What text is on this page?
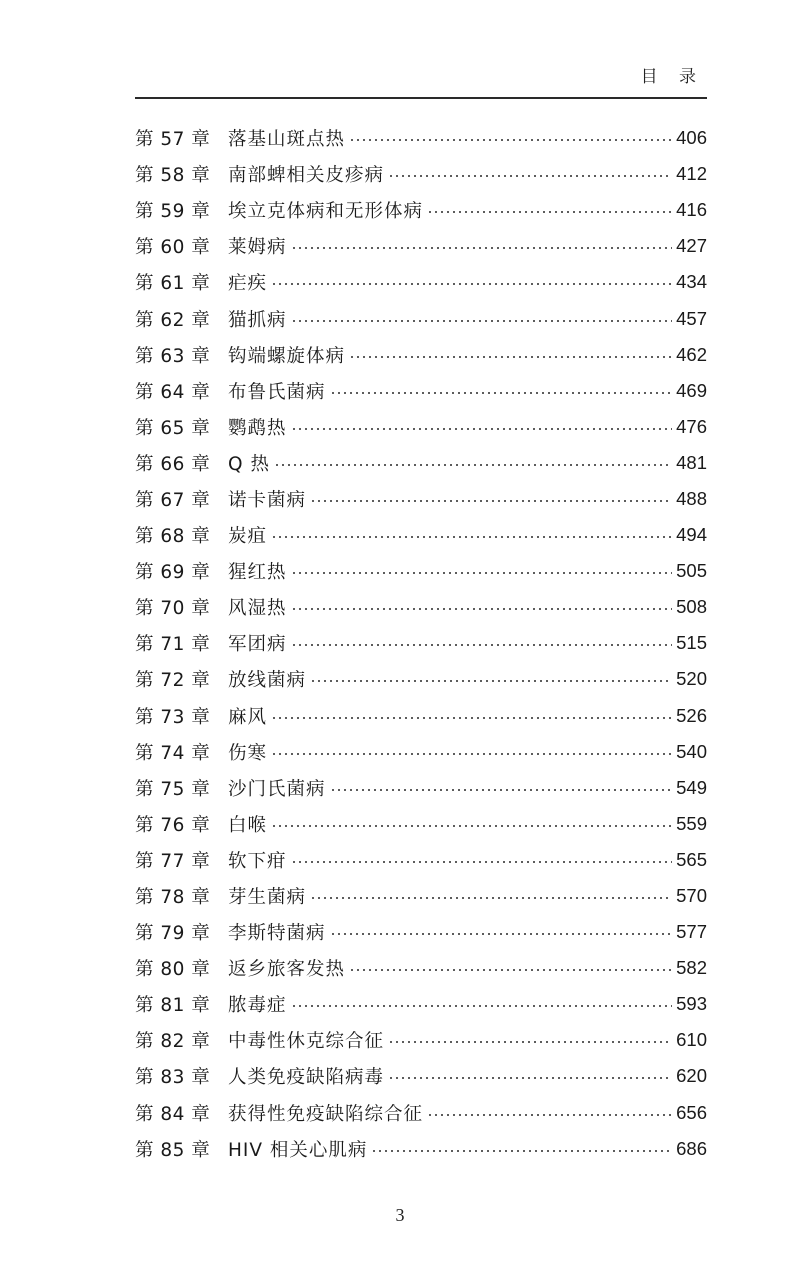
目 录
第 57 章 落基山斑点热	406
第 58 章 南部蜱相关皮疹病	412
第 59 章 埃立克体病和无形体病	416
第 60 章 莱姆病	427
第 61 章 疟疾	434
第 62 章 猫抓病	457
第 63 章 钩端螺旋体病	462
第 64 章 布鲁氏菌病	469
第 65 章 鹦鹉热	476
第 66 章 Q 热	481
第 67 章 诺卡菌病	488
第 68 章 炭疽	494
第 69 章 猩红热	505
第 70 章 风湿热	508
第 71 章 军团病	515
第 72 章 放线菌病	520
第 73 章 麻风	526
第 74 章 伤寒	540
第 75 章 沙门氏菌病	549
第 76 章 白喉	559
第 77 章 软下疳	565
第 78 章 芽生菌病	570
第 79 章 李斯特菌病	577
第 80 章 返乡旅客发热	582
第 81 章 脓毒症	593
第 82 章 中毒性休克综合征	610
第 83 章 人类免疫缺陷病毒	620
第 84 章 获得性免疫缺陷综合征	656
第 85 章 HIV 相关心肌病	686
3
